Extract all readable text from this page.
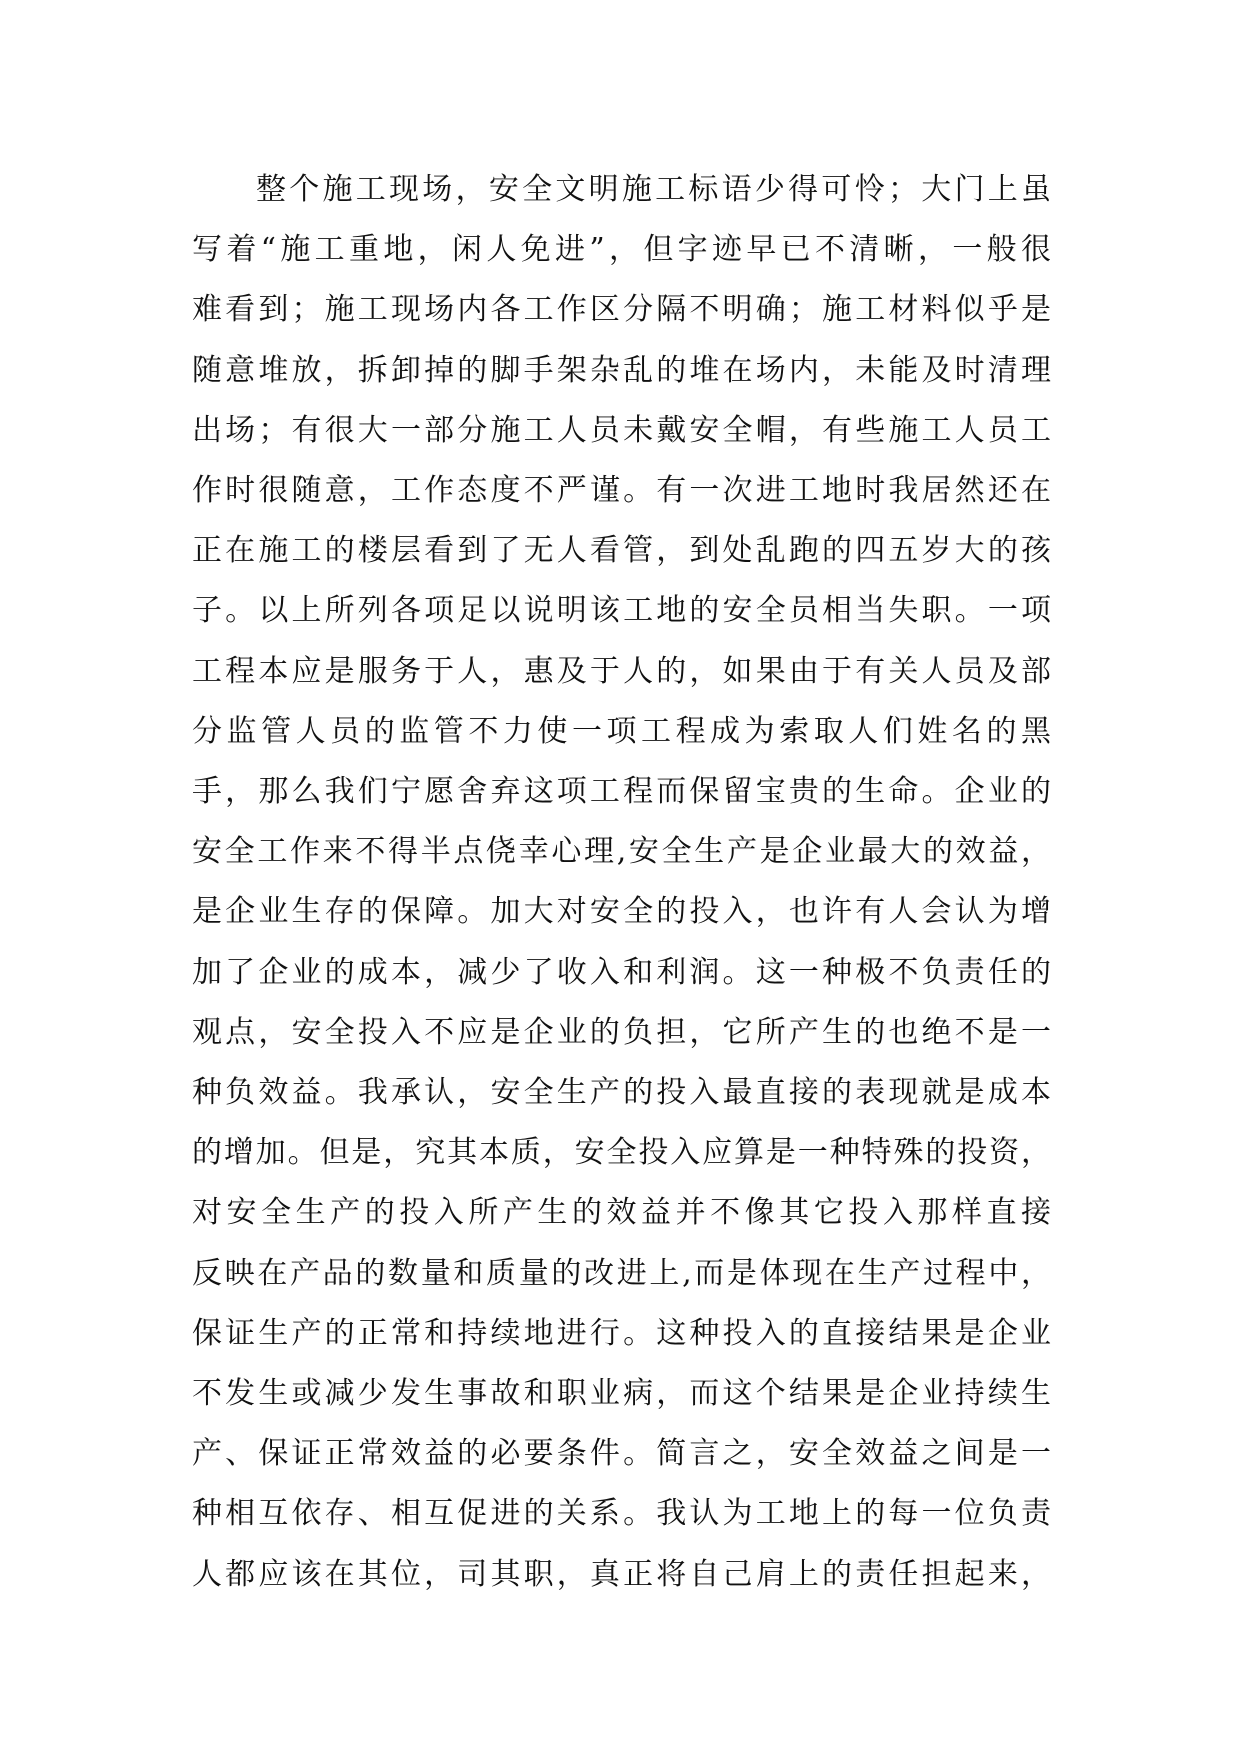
整个施工现场，安全文明施工标语少得可怜；大门上虽
写着“施工重地，闲人免进”，但字迹早已不清晰，一般很
难看到；施工现场内各工作区分隔不明确；施工材料似乎是
随意堆放，拆卸掉的脚手架杂乱的堆在场内，未能及时清理
出场；有很大一部分施工人员未戴安全帽，有些施工人员工
作时很随意，工作态度不严谨。有一次进工地时我居然还在
正在施工的楼层看到了无人看管，到处乱跑的四五岁大的孩
子。以上所列各项足以说明该工地的安全员相当失职。一项
工程本应是服务于人，惠及于人的，如果由于有关人员及部
分监管人员的监管不力使一项工程成为索取人们姓名的黑
手，那么我们宁愿舍弃这项工程而保留宝贵的生命。企业的
安全工作来不得半点侥幸心理,安全生产是企业最大的效益，
是企业生存的保障。加大对安全的投入，也许有人会认为增
加了企业的成本，减少了收入和利润。这一种极不负责任的
观点，安全投入不应是企业的负担，它所产生的也绝不是一
种负效益。我承认，安全生产的投入最直接的表现就是成本
的增加。但是，究其本质，安全投入应算是一种特殊的投资，
对安全生产的投入所产生的效益并不像其它投入那样直接
反映在产品的数量和质量的改进上,而是体现在生产过程中，
保证生产的正常和持续地进行。这种投入的直接结果是企业
不发生或减少发生事故和职业病，而这个结果是企业持续生
产、保证正常效益的必要条件。简言之，安全效益之间是一
种相互依存、相互促进的关系。我认为工地上的每一位负责
人都应该在其位，司其职，真正将自己肩上的责任担起来，
